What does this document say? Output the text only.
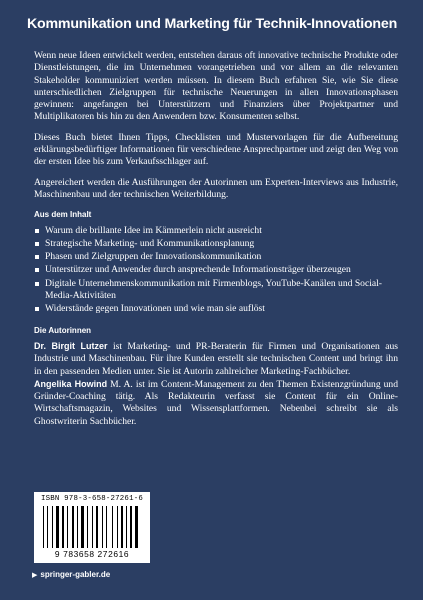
Kommunikation und Marketing für Technik-Innovationen

Wenn neue Ideen entwickelt werden, entstehen daraus oft innovative technische Produkte oder Dienstleistungen, die im Unternehmen vorangetrieben und vor allem an die relevanten Stakeholder kommuniziert werden müssen. In diesem Buch erfahren Sie, wie Sie diese unterschiedlichen Zielgruppen für technische Neuerungen in allen Innovationsphasen gewinnen: angefangen bei Unterstützern und Finanziers über Projektpartner und Multiplikatoren bis hin zu den Anwendern bzw. Konsumenten selbst.

Dieses Buch bietet Ihnen Tipps, Checklisten und Mustervorlagen für die Aufbereitung erklärungsbedürftiger Informationen für verschiedene Ansprechpartner und zeigt den Weg von der ersten Idee bis zum Verkaufsschlager auf.

Angereichert werden die Ausführungen der Autorinnen um Experten-Interviews aus Industrie, Maschinenbau und der technischen Weiterbildung.

Aus dem Inhalt
Warum die brillante Idee im Kämmerlein nicht ausreicht
Strategische Marketing- und Kommunikationsplanung
Phasen und Zielgruppen der Innovationskommunikation
Unterstützer und Anwender durch ansprechende Informationsträger überzeugen
Digitale Unternehmenskommunikation mit Firmenblogs, YouTube-Kanälen und Social-Media-Aktivitäten
Widerstände gegen Innovationen und wie man sie auflöst
Die Autorinnen

Dr. Birgit Lutzer ist Marketing- und PR-Beraterin für Firmen und Organisationen aus Industrie und Maschinenbau. Für ihre Kunden erstellt sie technischen Content und bringt ihn in den passenden Medien unter. Sie ist Autorin zahlreicher Marketing-Fachbücher.

Angelika Howind M. A. ist im Content-Management zu den Themen Existenzgründung und Gründer-Coaching tätig. Als Redakteurin verfasst sie Content für ein Online-Wirtschaftsmagazin, Websites und Wissensplattformen. Nebenbei schreibt sie als Ghostwriterin Sachbücher.

ISBN 978-3-658-27261-6
9 783658 272616
▶ springer-gabler.de
